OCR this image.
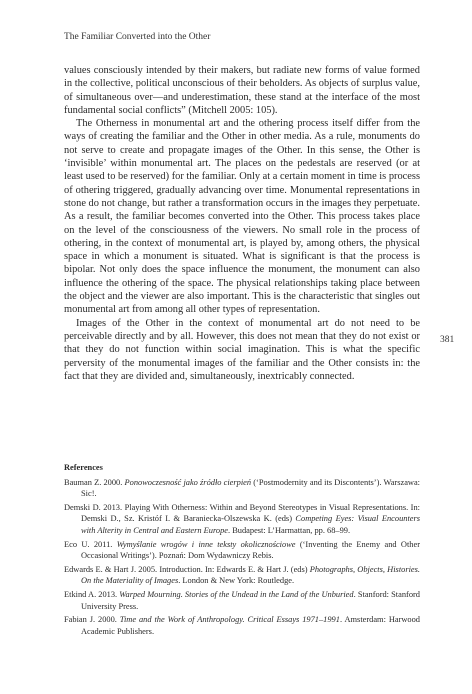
The Familiar Converted into the Other
381

values consciously intended by their makers, but radiate new forms of value formed in the collective, political unconscious of their beholders. As objects of surplus value, of simultaneous over—and underestimation, these stand at the interface of the most fundamental social conflicts” (Mitchell 2005: 105).

The Otherness in monumental art and the othering process itself differ from the ways of creating the familiar and the Other in other media. As a rule, monuments do not serve to create and propagate images of the Other. In this sense, the Other is ‘invisible’ within monumental art. The places on the pedestals are reserved (or at least used to be reserved) for the familiar. Only at a certain moment in time is process of othering triggered, gradually advancing over time. Monumental representations in stone do not change, but rather a transformation occurs in the images they perpetuate. As a result, the familiar becomes converted into the Other. This process takes place on the level of the consciousness of the viewers. No small role in the process of othering, in the context of monumental art, is played by, among others, the physical space in which a monument is situated. What is significant is that the process is bipolar. Not only does the space influence the monument, the monument can also influence the othering of the space. The physical relationships taking place between the object and the viewer are also important. This is the characteristic that singles out monumental art from among all other types of representation.

Images of the Other in the context of monumental art do not need to be perceivable directly and by all. However, this does not mean that they do not exist or that they do not function within social imagination. This is what the specific perversity of the monumental images of the familiar and the Other consists in: the fact that they are divided and, simultaneously, inextricably connected.

References
Bauman Z. 2000. Ponowoczesność jako źródło cierpień (‘Postmodernity and its Discontents’). Warszawa: Sic!.
Demski D. 2013. Playing With Otherness: Within and Beyond Stereotypes in Visual Representations. In: Demski D., Sz. Kristóf I. & Baraniecka-Olszewska K. (eds) Competing Eyes: Visual Encounters with Alterity in Central and Eastern Europe. Budapest: L’Harmattan, pp. 68–99.
Eco U. 2011. Wymyślanie wrogów i inne teksty okolicznościowe (‘Inventing the Enemy and Other Occasional Writings’). Poznań: Dom Wydawniczy Rebis.
Edwards E. & Hart J. 2005. Introduction. In: Edwards E. & Hart J. (eds) Photographs, Objects, Histories. On the Materiality of Images. London & New York: Routledge.
Etkind A. 2013. Warped Mourning. Stories of the Undead in the Land of the Unburied. Stanford: Stanford University Press.
Fabian J. 2000. Time and the Work of Anthropology. Critical Essays 1971–1991. Amsterdam: Harwood Academic Publishers.
